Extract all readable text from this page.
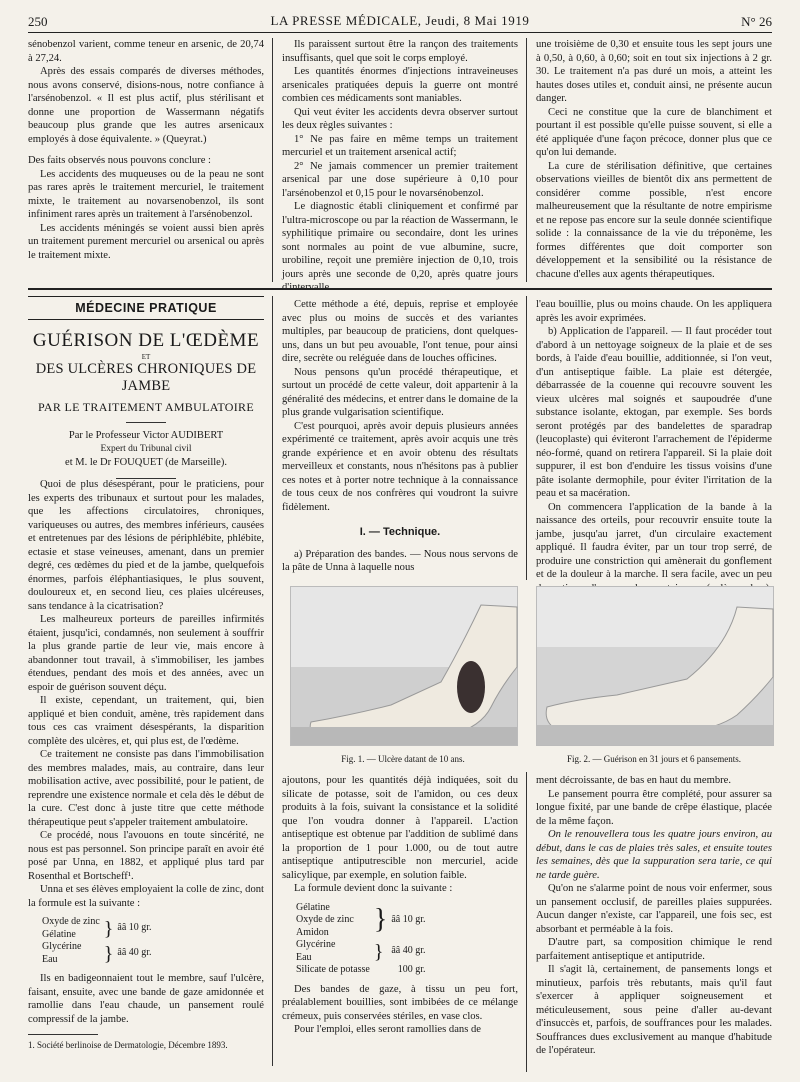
250	LA PRESSE MÉDICALE, Jeudi, 8 Mai 1919	N° 26

sénobenzol varient, comme teneur en arsenic, de 20,74 à 27,24.

Après des essais comparés de diverses méthodes, nous avons conservé, disions-nous, notre confiance à l'arsénobenzol. « Il est plus actif, plus stérilisant et donne une proportion de Wassermann négatifs beaucoup plus grande que les autres arsenicaux employés à dose équivalente. » (Queyrat.)

Des faits observés nous pouvons conclure :

Les accidents des muqueuses ou de la peau ne sont pas rares après le traitement mercuriel, le traitement mixte, le traitement au novarsenobenzol, ils sont infiniment rares après un traitement à l'arsénobenzol.

Les accidents méningés se voient aussi bien après un traitement purement mercuriel ou arsenical ou après le traitement mixte.

Ils paraissent surtout être la rançon des traitements insuffisants, quel que soit le corps employé.

Les quantités énormes d'injections intraveineuses arsenicales pratiquées depuis la guerre ont montré combien ces médicaments sont maniables.

Qui veut éviter les accidents devra observer surtout les deux règles suivantes :

1° Ne pas faire en même temps un traitement mercuriel et un traitement arsenical actif;

2° Ne jamais commencer un premier traitement arsenical par une dose supérieure à 0,10 pour l'arsénobenzol et 0,15 pour le novarsénobenzol.

Le diagnostic établi cliniquement et confirmé par l'ultra-microscope ou par la réaction de Wassermann, le syphilitique primaire ou secondaire, dont les urines sont normales au point de vue albumine, sucre, urobiline, reçoit une première injection de 0,10, trois jours après une seconde de 0,20, après quatre jours

une troisième de 0,30 et ensuite tous les sept jours une à 0,50, à 0,60, à 0,60; soit en tout six injections à 2 gr. 30. Le traitement n'a pas duré un mois, a atteint les hautes doses utiles et, conduit ainsi, ne présente aucun danger.

Ceci ne constitue que la cure de blanchiment et pourtant il est possible qu'elle puisse souvent, si elle a été appliquée d'une façon précoce, donner plus que ce qu'on lui demande.

La cure de stérilisation définitive, que certaines observations vieilles de bientôt dix ans permettent de considérer comme possible, n'est encore malheureusement que la résultante de notre empirisme et ne repose pas encore sur la seule donnée scientifique solide : la connaissance de la vie du tréponème, les formes différentes que doit comporter son développement et la sensibilité ou la résistance de chacune d'elles aux agents thérapeutiques.

MÉDECINE PRATIQUE
GUÉRISON DE L'ŒDÈME
ET
DES ULCÈRES CHRONIQUES DE JAMBE
PAR LE TRAITEMENT AMBULATOIRE
Par le Professeur Victor AUDIBERT
Expert du Tribunal civil
et M. le Dr FOUQUET (de Marseille).

Quoi de plus désespérant, pour le praticiens, pour les experts des tribunaux et surtout pour les malades, que les affections circulatoires, chroniques, variqueuses ou autres, des membres inférieurs, causées et entretenues par des lésions de périphlébite, phlébite, ectasie et stase veineuses, amenant, dans un premier degré, ces œdèmes du pied et de la jambe, quelquefois énormes, parfois éléphantiasiques, le plus souvent, douloureux et, en second lieu, ces plaies ulcéreuses, sans tendance à la cicatrisation?

Les malheureux porteurs de pareilles infirmités étaient, jusqu'ici, condamnés, non seulement à souffrir la plus grande partie de leur vie, mais encore à abandonner tout travail, à s'immobiliser, les jambes étendues, pendant des mois et des années, avec un espoir de guérison souvent déçu.

Il existe, cependant, un traitement, qui, bien appliqué et bien conduit, amène, très rapidement dans tous ces cas vraiment désespérants, la disparition complète des ulcères, et, qui plus est, de l'œdème.

Ce traitement ne consiste pas dans l'immobilisation des membres malades, mais, au contraire, dans leur mobilisation active, avec possibilité, pour le patient, de reprendre une existence normale et cela dès le début de la cure. C'est donc à juste titre que cette méthode thérapeutique peut s'appeler traitement ambulatoire.

Ce procédé, nous l'avouons en toute sincérité, ne nous est pas personnel. Son principe paraît en avoir été posé par Unna, en 1882, et appliqué plus tard par Rosenthal et Bortscheff¹.

Unna et ses élèves employaient la colle de zinc, dont la formule est la suivante :

Oxyde de zinc
Gélatine	}	ââ 10 gr.
Glycérine
Eau	}	ââ 40 gr.

Ils en badigeonnaient tout le membre, sauf l'ulcère, faisant, ensuite, avec une bande de gaze amidonnée et ramollie dans l'eau chaude, un pansement roulé compressif de la jambe.

1. Société berlinoise de Dermatologie, Décembre 1893.

Cette méthode a été, depuis, reprise et employée avec plus ou moins de succès et des variantes multiples, par beaucoup de praticiens, dont quelques-uns, dans un but peu avouable, l'ont tenue, pour ainsi dire, secrète ou reléguée dans de louches officines.

Nous pensons qu'un procédé thérapeutique, et surtout un procédé de cette valeur, doit appartenir à la généralité des médecins, et entrer dans le domaine de la plus grande vulgarisation scientifique.

C'est pourquoi, après avoir depuis plusieurs années expérimenté ce traitement, après avoir acquis une très grande expérience et en avoir obtenu des résultats merveilleux et constants, nous n'hésitons pas à publier ces notes et à porter notre technique à la connaissance de tous ceux de nos confrères qui voudront la suivre fidèlement.

I. — Technique.

a) Préparation des bandes. — Nous nous servons de la pâte de Unna à laquelle nous

l'eau bouillie, plus ou moins chaude. On les appliquera après les avoir exprimées.

b) Application de l'appareil. — Il faut procéder tout d'abord à un nettoyage soigneux de la plaie et de ses bords, à l'aide d'eau bouillie, additionnée, si l'on veut, d'un antiseptique faible. La plaie est détergée, débarrassée de la couenne qui recouvre souvent les vieux ulcères mal soignés et saupoudrée d'une substance isolante, ektogan, par exemple. Ses bords seront protégés par des bandelettes de sparadrap (leucoplaste) qui éviteront l'arrachement de l'épiderme néo-formé, quand on retirera l'appareil. Si la plaie doit suppurer, il est bon d'enduire les tissus voisins d'une pâte isolante dermophile, pour éviter l'irritation de la peau et sa macération.

On commencera l'application de la bande à la naissance des orteils, pour recouvrir ensuite toute la jambe, jusqu'au jarret, d'un circulaire exactement appliqué. Il faudra éviter, par un tour trop serré, de produire une constriction qui amènerait du gonflement et de la douleur à la marche. Il sera facile, avec un peu

Fig. 1. — Ulcère datant de 10 ans.	Fig. 2. — Guérison en 31 jours et 6 pansements.

ajoutons, pour les quantités déjà indiquées, soit du silicate de potasse, soit de l'amidon, ou ces deux produits à la fois, suivant la consistance et la solidité que l'on voudra donner à l'appareil. L'action antiseptique est obtenue par l'addition de sublimé dans la proportion de 1 pour 1.000, ou de tout autre antiseptique antiputrescible non mercuriel, acide salicylique, par exemple, en solution faible.

La formule devient donc la suivante :

Gélatine
Oxyde de zinc
Amidon	}	ââ 10 gr.
Glycérine
Eau	}	ââ 40 gr.
Silicate de potasse		100 gr.

Des bandes de gaze, à tissu un peu fort, préalablement bouillies, sont imbibées de ce mélange crémeux, puis conservées stériles, en vase clos.

Pour l'emploi, elles seront ramollies dans de

ment décroissante, de bas en haut du membre.

Le pansement pourra être complété, pour assurer sa longue fixité, par une bande de crêpe élastique, placée de la même façon.

On le renouvellera tous les quatre jours environ, au début, dans le cas de plaies très sales, et ensuite toutes les semaines, dès que la suppuration sera tarie, ce qui ne tarde guère.

Qu'on ne s'alarme point de nous voir enfermer, sous un pansement occlusif, de pareilles plaies suppurées. Aucun danger n'existe, car l'appareil, une fois sec, est absorbant et perméable à la fois.

D'autre part, sa composition chimique le rend parfaitement antiseptique et antiputride.

Il s'agit là, certainement, de pansements longs et minutieux, parfois très rebutants, mais qu'il faut s'exercer à appliquer soigneusement et méticuleusement, sous peine d'aller au-devant d'insuccès et, parfois, de souffrances pour les malades. Souffrances dues exclusivement au manque d'habitude de l'opérateur.
